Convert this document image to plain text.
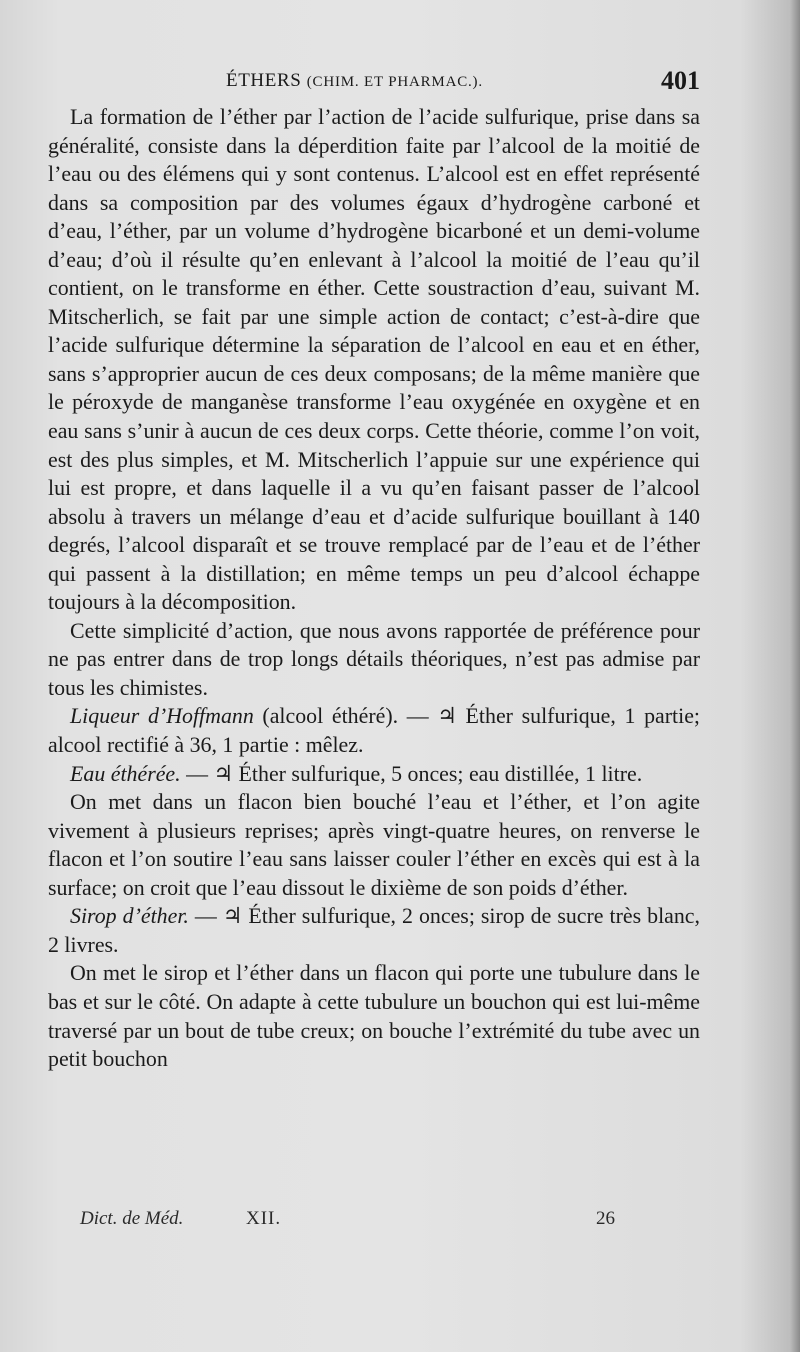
ÉTHERS (CHIM. ET PHARMAC.).	401

La formation de l’éther par l’action de l’acide sulfurique, prise dans sa généralité, consiste dans la déperdition faite par l’alcool de la moitié de l’eau ou des élémens qui y sont contenus. L’alcool est en effet représenté dans sa composition par des volumes égaux d’hydrogène carboné et d’eau, l’éther, par un volume d’hydrogène bicarboné et un demi-volume d’eau; d’où il résulte qu’en enlevant à l’alcool la moitié de l’eau qu’il contient, on le transforme en éther. Cette soustraction d’eau, suivant M. Mitscherlich, se fait par une simple action de contact; c’est-à-dire que l’acide sulfurique détermine la séparation de l’alcool en eau et en éther, sans s’approprier aucun de ces deux composans; de la même manière que le péroxyde de manganèse transforme l’eau oxygénée en oxygène et en eau sans s’unir à aucun de ces deux corps. Cette théorie, comme l’on voit, est des plus simples, et M. Mitscherlich l’appuie sur une expérience qui lui est propre, et dans laquelle il a vu qu’en faisant passer de l’alcool absolu à travers un mélange d’eau et d’acide sulfurique bouillant à 140 degrés, l’alcool disparaît et se trouve remplacé par de l’eau et de l’éther qui passent à la distillation; en même temps un peu d’alcool échappe toujours à la décomposition.

Cette simplicité d’action, que nous avons rapportée de préférence pour ne pas entrer dans de trop longs détails théoriques, n’est pas admise par tous les chimistes.

Liqueur d’Hoffmann (alcool éthéré). — ♃ Éther sulfurique, 1 partie; alcool rectifié à 36, 1 partie : mêlez.

Eau éthérée. — ♃ Éther sulfurique, 5 onces; eau distillée, 1 litre.

On met dans un flacon bien bouché l’eau et l’éther, et l’on agite vivement à plusieurs reprises; après vingt-quatre heures, on renverse le flacon et l’on soutire l’eau sans laisser couler l’éther en excès qui est à la surface; on croit que l’eau dissout le dixième de son poids d’éther.

Sirop d’éther. — ♃ Éther sulfurique, 2 onces; sirop de sucre très blanc, 2 livres.

On met le sirop et l’éther dans un flacon qui porte une tubulure dans le bas et sur le côté. On adapte à cette tubulure un bouchon qui est lui-même traversé par un bout de tube creux; on bouche l’extrémité du tube avec un petit bouchon

Dict. de Méd.	XII.	26
